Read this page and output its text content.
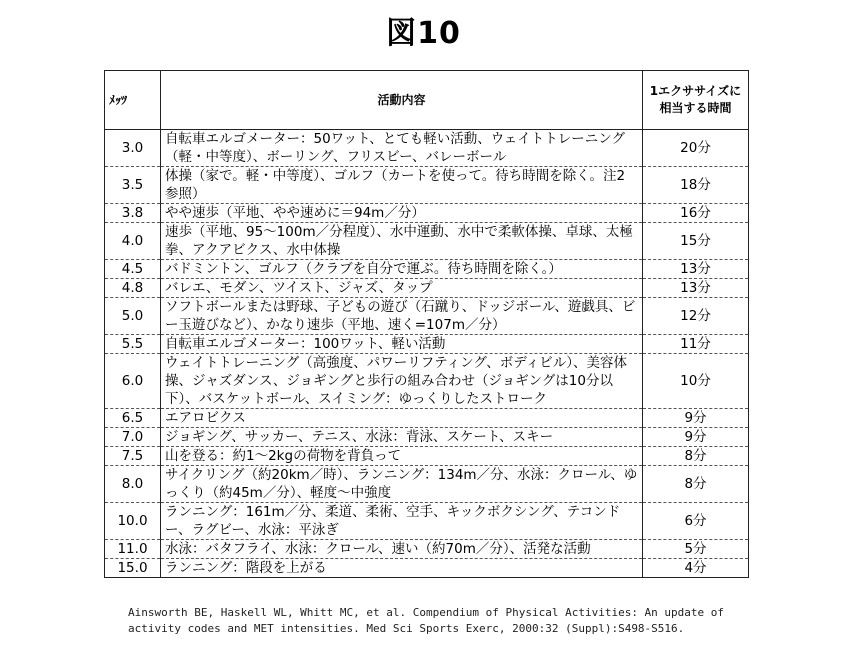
図10
ﾒｯﾂ	活動内容	1エクササイズに相当する時間
3.0	自転車エルゴメーター：50ワット、とても軽い活動、ウェイトトレーニング（軽・中等度）、ボーリング、フリスビー、バレーボール	20分
3.5	体操（家で。軽・中等度）、ゴルフ（カートを使って。待ち時間を除く。注2参照）	18分
3.8	やや速歩（平地、やや速めに＝94m／分）	16分
4.0	速歩（平地、95～100m／分程度）、水中運動、水中で柔軟体操、卓球、太極拳、アクアビクス、水中体操	15分
4.5	バドミントン、ゴルフ（クラブを自分で運ぶ。待ち時間を除く。）	13分
4.8	バレエ、モダン、ツイスト、ジャズ、タップ	13分
5.0	ソフトボールまたは野球、子どもの遊び（石蹴り、ドッジボール、遊戯具、ビー玉遊びなど）、かなり速歩（平地、速く=107m／分）	12分
5.5	自転車エルゴメーター：100ワット、軽い活動	11分
6.0	ウェイトトレーニング（高強度、パワーリフティング、ボディビル）、美容体操、ジャズダンス、ジョギングと歩行の組み合わせ（ジョギングは10分以下）、バスケットボール、スイミング：ゆっくりしたストローク	10分
6.5	エアロビクス	9分
7.0	ジョギング、サッカー、テニス、水泳：背泳、スケート、スキー	9分
7.5	山を登る：約1～2kgの荷物を背負って	8分
8.0	サイクリング（約20km／時）、ランニング：134m／分、水泳：クロール、ゆっくり（約45m／分）、軽度～中強度	8分
10.0	ランニング：161m／分、柔道、柔術、空手、キックボクシング、テコンドー、ラグビー、水泳：平泳ぎ	6分
11.0	水泳：バタフライ、水泳：クロール、速い（約70m／分）、活発な活動	5分
15.0	ランニング：階段を上がる	4分
Ainsworth BE, Haskell WL, Whitt MC, et al. Compendium of Physical Activities: An update of activity codes and MET intensities. Med Sci Sports Exerc, 2000:32 (Suppl):S498-S516.
